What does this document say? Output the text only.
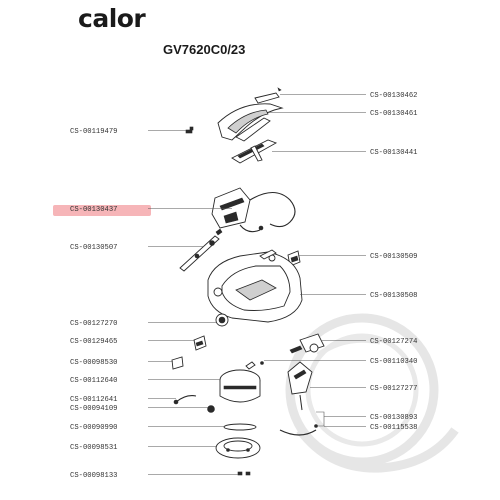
calor
GV7620C0/23
CS-00130462
CS-00130461
CS-00119479
CS-00130441
CS-00130437
CS-00130507
CS-00130509
CS-00130508
CS-00127270
CS-00127274
CS-00129465
CS-00110340
CS-00098530
CS-00112640
CS-00127277
CS-00112641
CS-00094109
CS-00130893
CS-00090990	CS-00115538
CS-00098531
CS-00098133
